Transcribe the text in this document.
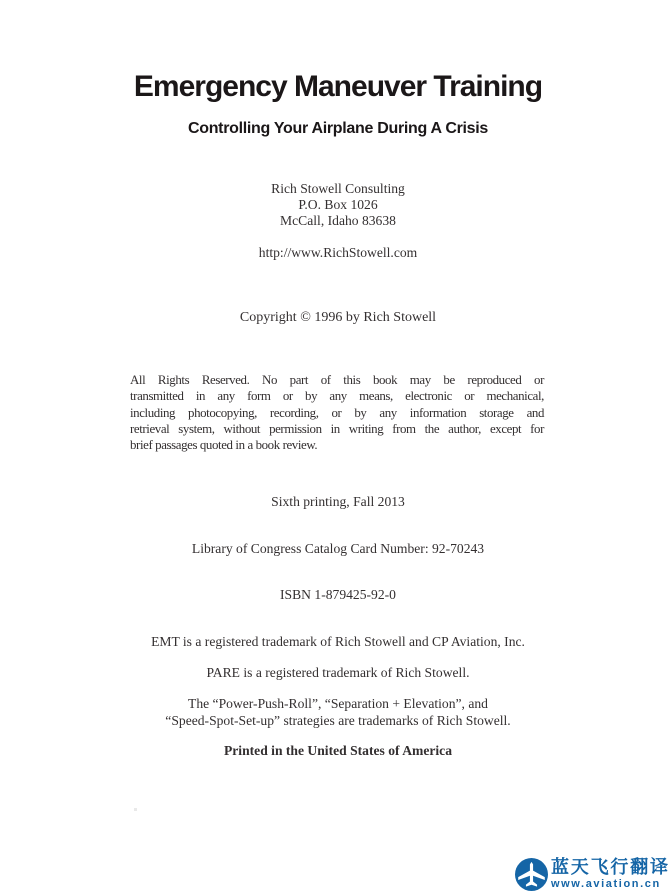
Emergency Maneuver Training
Controlling Your Airplane During A Crisis
Rich Stowell Consulting
P.O. Box 1026
McCall, Idaho 83638
http://www.RichStowell.com
Copyright © 1996 by Rich Stowell
All Rights Reserved. No part of this book may be reproduced or
transmitted in any form or by any means, electronic or mechanical,
including photocopying, recording, or by any information storage and
retrieval system, without permission in writing from the author, except for
brief passages quoted in a book review.
Sixth printing, Fall 2013
Library of Congress Catalog Card Number: 92-70243
ISBN 1-879425-92-0
EMT is a registered trademark of Rich Stowell and CP Aviation, Inc.
PARE is a registered trademark of Rich Stowell.
The “Power-Push-Roll”, “Separation + Elevation”, and
“Speed-Spot-Set-up” strategies are trademarks of Rich Stowell.
Printed in the United States of America
蓝天飞行翻译
www.aviation.cn
